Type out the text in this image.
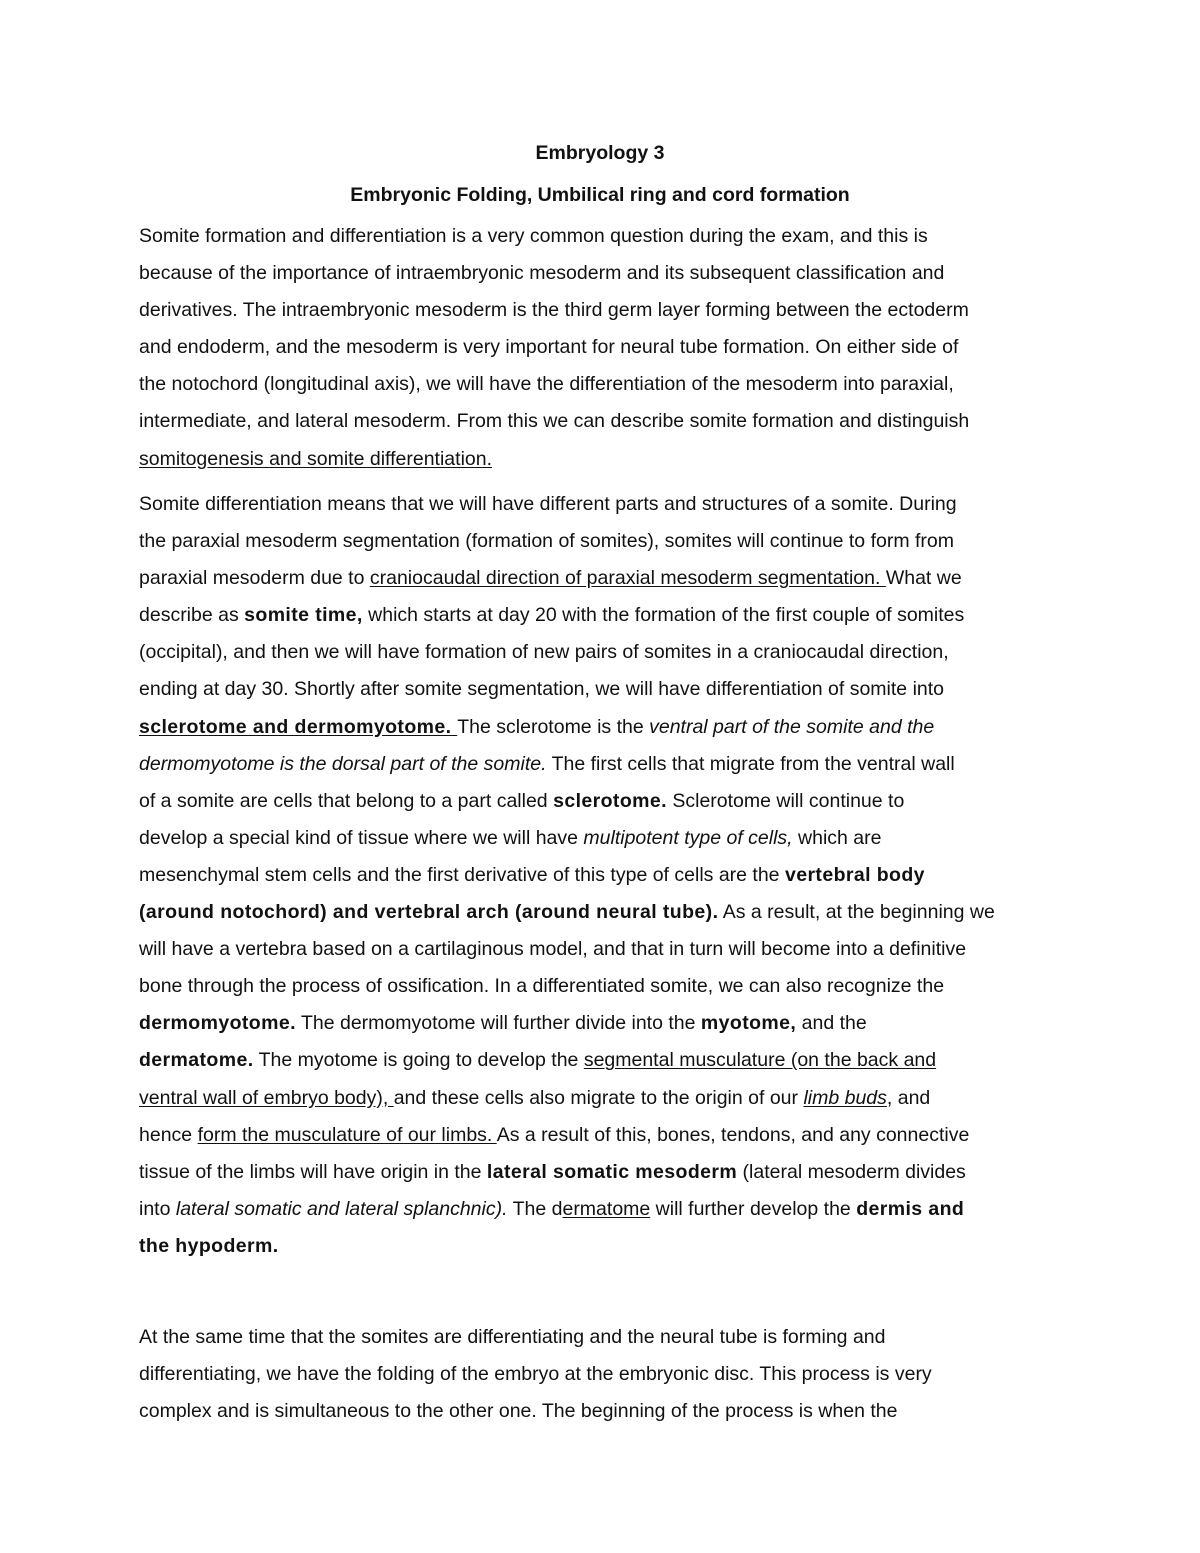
Embryology 3
Embryonic Folding, Umbilical ring and cord formation
Somite formation and differentiation is a very common question during the exam, and this is
because of the importance of intraembryonic mesoderm and its subsequent classification and
derivatives. The intraembryonic mesoderm is the third germ layer forming between the ectoderm
and endoderm, and the mesoderm is very important for neural tube formation. On either side of
the notochord (longitudinal axis), we will have the differentiation of the mesoderm into paraxial,
intermediate, and lateral mesoderm. From this we can describe somite formation and distinguish
somitogenesis and somite differentiation.
Somite differentiation means that we will have different parts and structures of a somite. During
the paraxial mesoderm segmentation (formation of somites), somites will continue to form from
paraxial mesoderm due to craniocaudal direction of paraxial mesoderm segmentation. What we
describe as somite time, which starts at day 20 with the formation of the first couple of somites
(occipital), and then we will have formation of new pairs of somites in a craniocaudal direction,
ending at day 30. Shortly after somite segmentation, we will have differentiation of somite into
sclerotome and dermomyotome. The sclerotome is the ventral part of the somite and the
dermomyotome is the dorsal part of the somite. The first cells that migrate from the ventral wall
of a somite are cells that belong to a part called sclerotome. Sclerotome will continue to
develop a special kind of tissue where we will have multipotent type of cells, which are
mesenchymal stem cells and the first derivative of this type of cells are the vertebral body
(around notochord) and vertebral arch (around neural tube). As a result, at the beginning we
will have a vertebra based on a cartilaginous model, and that in turn will become into a definitive
bone through the process of ossification. In a differentiated somite, we can also recognize the
dermomyotome. The dermomyotome will further divide into the myotome, and the
dermatome. The myotome is going to develop the segmental musculature (on the back and
ventral wall of embryo body), and these cells also migrate to the origin of our limb buds, and
hence form the musculature of our limbs. As a result of this, bones, tendons, and any connective
tissue of the limbs will have origin in the lateral somatic mesoderm (lateral mesoderm divides
into lateral somatic and lateral splanchnic). The dermatome will further develop the dermis and
the hypoderm.
At the same time that the somites are differentiating and the neural tube is forming and
differentiating, we have the folding of the embryo at the embryonic disc. This process is very
complex and is simultaneous to the other one. The beginning of the process is when the
